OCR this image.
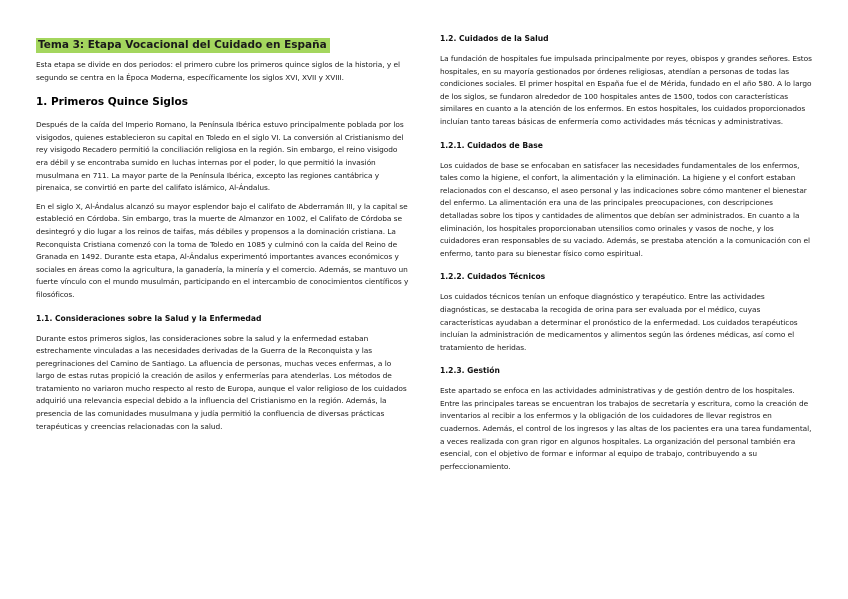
Tema 3: Etapa Vocacional del Cuidado en España

Esta etapa se divide en dos periodos: el primero cubre los primeros quince siglos de la historia, y el segundo se centra en la Época Moderna, específicamente los siglos XVI, XVII y XVIII.

1. Primeros Quince Siglos

Después de la caída del Imperio Romano, la Península Ibérica estuvo principalmente poblada por los visigodos, quienes establecieron su capital en Toledo en el siglo VI. La conversión al Cristianismo del rey visigodo Recadero permitió la conciliación religiosa en la región. Sin embargo, el reino visigodo era débil y se encontraba sumido en luchas internas por el poder, lo que permitió la invasión musulmana en 711. La mayor parte de la Península Ibérica, excepto las regiones cantábrica y pirenaica, se convirtió en parte del califato islámico, Al-Ándalus.

En el siglo X, Al-Ándalus alcanzó su mayor esplendor bajo el califato de Abderramán III, y la capital se estableció en Córdoba. Sin embargo, tras la muerte de Almanzor en 1002, el Califato de Córdoba se desintegró y dio lugar a los reinos de taifas, más débiles y propensos a la dominación cristiana. La Reconquista Cristiana comenzó con la toma de Toledo en 1085 y culminó con la caída del Reino de Granada en 1492. Durante esta etapa, Al-Ándalus experimentó importantes avances económicos y sociales en áreas como la agricultura, la ganadería, la minería y el comercio. Además, se mantuvo un fuerte vínculo con el mundo musulmán, participando en el intercambio de conocimientos científicos y filosóficos.

1.1. Consideraciones sobre la Salud y la Enfermedad

Durante estos primeros siglos, las consideraciones sobre la salud y la enfermedad estaban estrechamente vinculadas a las necesidades derivadas de la Guerra de la Reconquista y las peregrinaciones del Camino de Santiago. La afluencia de personas, muchas veces enfermas, a lo largo de estas rutas propició la creación de asilos y enfermerías para atenderlas. Los métodos de tratamiento no variaron mucho respecto al resto de Europa, aunque el valor religioso de los cuidados adquirió una relevancia especial debido a la influencia del Cristianismo en la región. Además, la presencia de las comunidades musulmana y judía permitió la confluencia de diversas prácticas terapéuticas y creencias relacionadas con la salud.

1.2. Cuidados de la Salud

La fundación de hospitales fue impulsada principalmente por reyes, obispos y grandes señores. Estos hospitales, en su mayoría gestionados por órdenes religiosas, atendían a personas de todas las condiciones sociales. El primer hospital en España fue el de Mérida, fundado en el año 580. A lo largo de los siglos, se fundaron alrededor de 100 hospitales antes de 1500, todos con características similares en cuanto a la atención de los enfermos. En estos hospitales, los cuidados proporcionados incluían tanto tareas básicas de enfermería como actividades más técnicas y administrativas.

1.2.1. Cuidados de Base

Los cuidados de base se enfocaban en satisfacer las necesidades fundamentales de los enfermos, tales como la higiene, el confort, la alimentación y la eliminación. La higiene y el confort estaban relacionados con el descanso, el aseo personal y las indicaciones sobre cómo mantener el bienestar del enfermo. La alimentación era una de las principales preocupaciones, con descripciones detalladas sobre los tipos y cantidades de alimentos que debían ser administrados. En cuanto a la eliminación, los hospitales proporcionaban utensilios como orinales y vasos de noche, y los cuidadores eran responsables de su vaciado. Además, se prestaba atención a la comunicación con el enfermo, tanto para su bienestar físico como espiritual.

1.2.2. Cuidados Técnicos

Los cuidados técnicos tenían un enfoque diagnóstico y terapéutico. Entre las actividades diagnósticas, se destacaba la recogida de orina para ser evaluada por el médico, cuyas características ayudaban a determinar el pronóstico de la enfermedad. Los cuidados terapéuticos incluían la administración de medicamentos y alimentos según las órdenes médicas, así como el tratamiento de heridas.

1.2.3. Gestión

Este apartado se enfoca en las actividades administrativas y de gestión dentro de los hospitales. Entre las principales tareas se encuentran los trabajos de secretaría y escritura, como la creación de inventarios al recibir a los enfermos y la obligación de los cuidadores de llevar registros en cuadernos. Además, el control de los ingresos y las altas de los pacientes era una tarea fundamental, a veces realizada con gran rigor en algunos hospitales. La organización del personal también era esencial, con el objetivo de formar e informar al equipo de trabajo, contribuyendo a su perfeccionamiento.
